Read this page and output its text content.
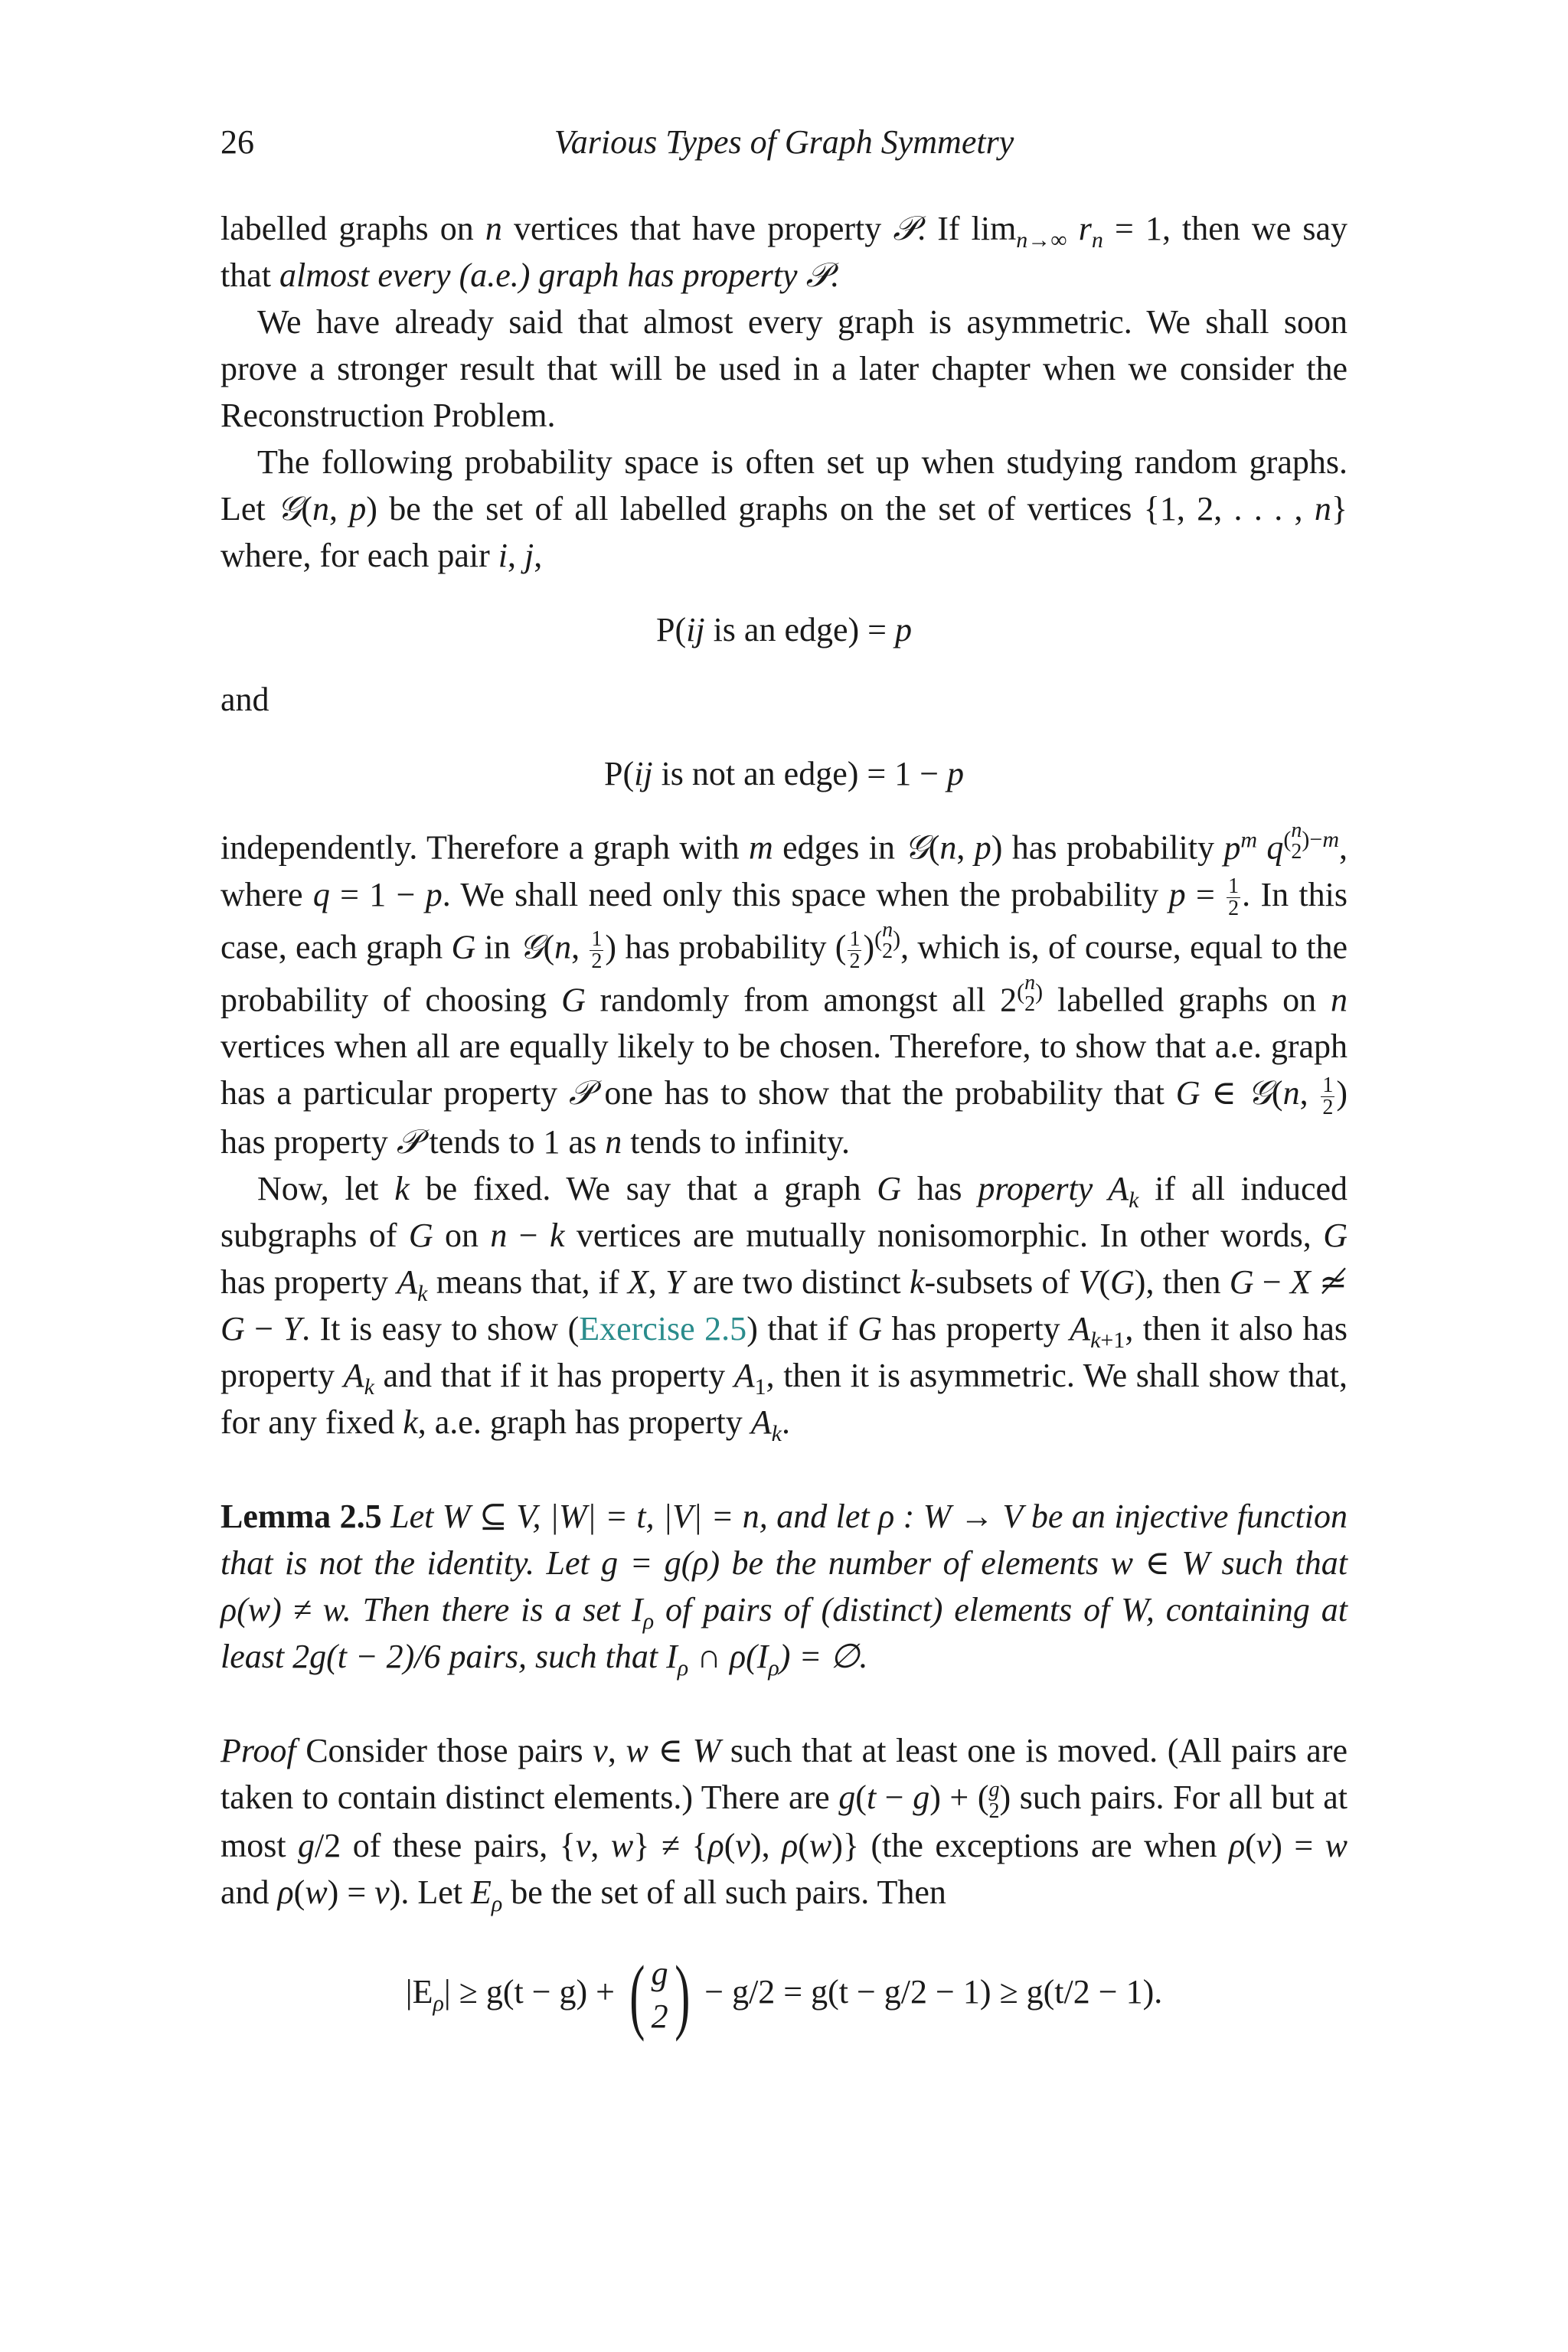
26	Various Types of Graph Symmetry

labelled graphs on n vertices that have property 𝒫. If $\lim_{n\to\infty} r_n = 1$, then we say that almost every (a.e.) graph has property 𝒫.

We have already said that almost every graph is asymmetric. We shall soon prove a stronger result that will be used in a later chapter when we consider the Reconstruction Problem.

The following probability space is often set up when studying random graphs. Let 𝒢(n, p) be the set of all labelled graphs on the set of vertices {1, 2, . . . , n} where, for each pair i, j,

P(ij is an edge) = p

and

P(ij is not an edge) = 1 − p

independently. Therefore a graph with m edges in 𝒢(n, p) has probability $p^m$ $q^{(n 2)-m}$, where q = 1 − p. We shall need only this space when the probability $p = \frac{1}{2}$ . In this case, each graph G in 𝒢(n, $\frac{1}{2}$ ) has probability ( $\frac{1}{2} )^{(n 2)}$, which is, of course, equal to the probability of choosing G randomly from amongst all $2^{(n 2)}$ labelled graphs on n vertices when all are equally likely to be chosen. Therefore, to show that a.e. graph has a particular property 𝒫 one has to show that the probability that G ∈ 𝒢(n, $\frac{1}{2}$ ) has property 𝒫 tends to 1 as n tends to infinity.

Now, let k be fixed. We say that a graph G has property $A_k$ if all induced subgraphs of G on n − k vertices are mutually nonisomorphic. In other words, G has property $A_k$ means that, if X, Y are two distinct k-subsets of V(G), then G − X ≄ G − Y. It is easy to show (Exercise 2.5) that if G has property $A_{k+1}$, then it also has property $A_k$ and that if it has property $A_1$, then it is asymmetric. We shall show that, for any fixed k, a.e. graph has property $A_k$.

Lemma 2.5 Let W ⊆ V, |W| = t, |V| = n, and let ρ : W → V be an injective function that is not the identity. Let g = g(ρ) be the number of elements w ∈ W such that ρ(w) ≠ w. Then there is a set $I_\rho$ of pairs of (distinct) elements of W, containing at least 2g(t − 2)/6 pairs, such that $I_\rho$ ∩ $\rho(I_\rho)$ = ∅.

Proof Consider those pairs v, w ∈ W such that at least one is moved. (All pairs are taken to contain distinct elements.) There are g(t − g) + (g
2) such pairs. For all but at most g/2 of these pairs, {v, w} ≠ {ρ(v), ρ(w)} (the exceptions are when ρ(v) = w and ρ(w) = v). Let $E_\rho$ be the set of all such pairs. Then

$|E_\rho| \ge g(t - g)$ + ( g
2 ) − g/2 = g(t − g/2 − 1) ≥ g(t/2 − 1).
